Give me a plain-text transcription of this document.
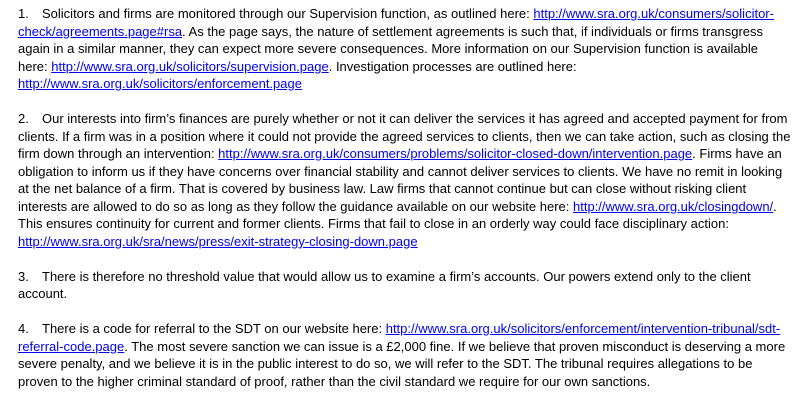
1. Solicitors and firms are monitored through our Supervision function, as outlined here: http://www.sra.org.uk/consumers/solicitor-check/agreements.page#rsa. As the page says, the nature of settlement agreements is such that, if individuals or firms transgress again in a similar manner, they can expect more severe consequences. More information on our Supervision function is available here: http://www.sra.org.uk/solicitors/supervision.page. Investigation processes are outlined here: http://www.sra.org.uk/solicitors/enforcement.page

2. Our interests into firm’s finances are purely whether or not it can deliver the services it has agreed and accepted payment for from clients. If a firm was in a position where it could not provide the agreed services to clients, then we can take action, such as closing the firm down through an intervention: http://www.sra.org.uk/consumers/problems/solicitor-closed-down/intervention.page. Firms have an obligation to inform us if they have concerns over financial stability and cannot deliver services to clients. We have no remit in looking at the net balance of a firm. That is covered by business law. Law firms that cannot continue but can close without risking client interests are allowed to do so as long as they follow the guidance available on our website here: http://www.sra.org.uk/closingdown/. This ensures continuity for current and former clients. Firms that fail to close in an orderly way could face disciplinary action: http://www.sra.org.uk/sra/news/press/exit-strategy-closing-down.page

3. There is therefore no threshold value that would allow us to examine a firm’s accounts. Our powers extend only to the client account.

4. There is a code for referral to the SDT on our website here: http://www.sra.org.uk/solicitors/enforcement/intervention-tribunal/sdt-referral-code.page. The most severe sanction we can issue is a £2,000 fine. If we believe that proven misconduct is deserving a more severe penalty, and we believe it is in the public interest to do so, we will refer to the SDT. The tribunal requires allegations to be proven to the higher criminal standard of proof, rather than the civil standard we require for our own sanctions.
